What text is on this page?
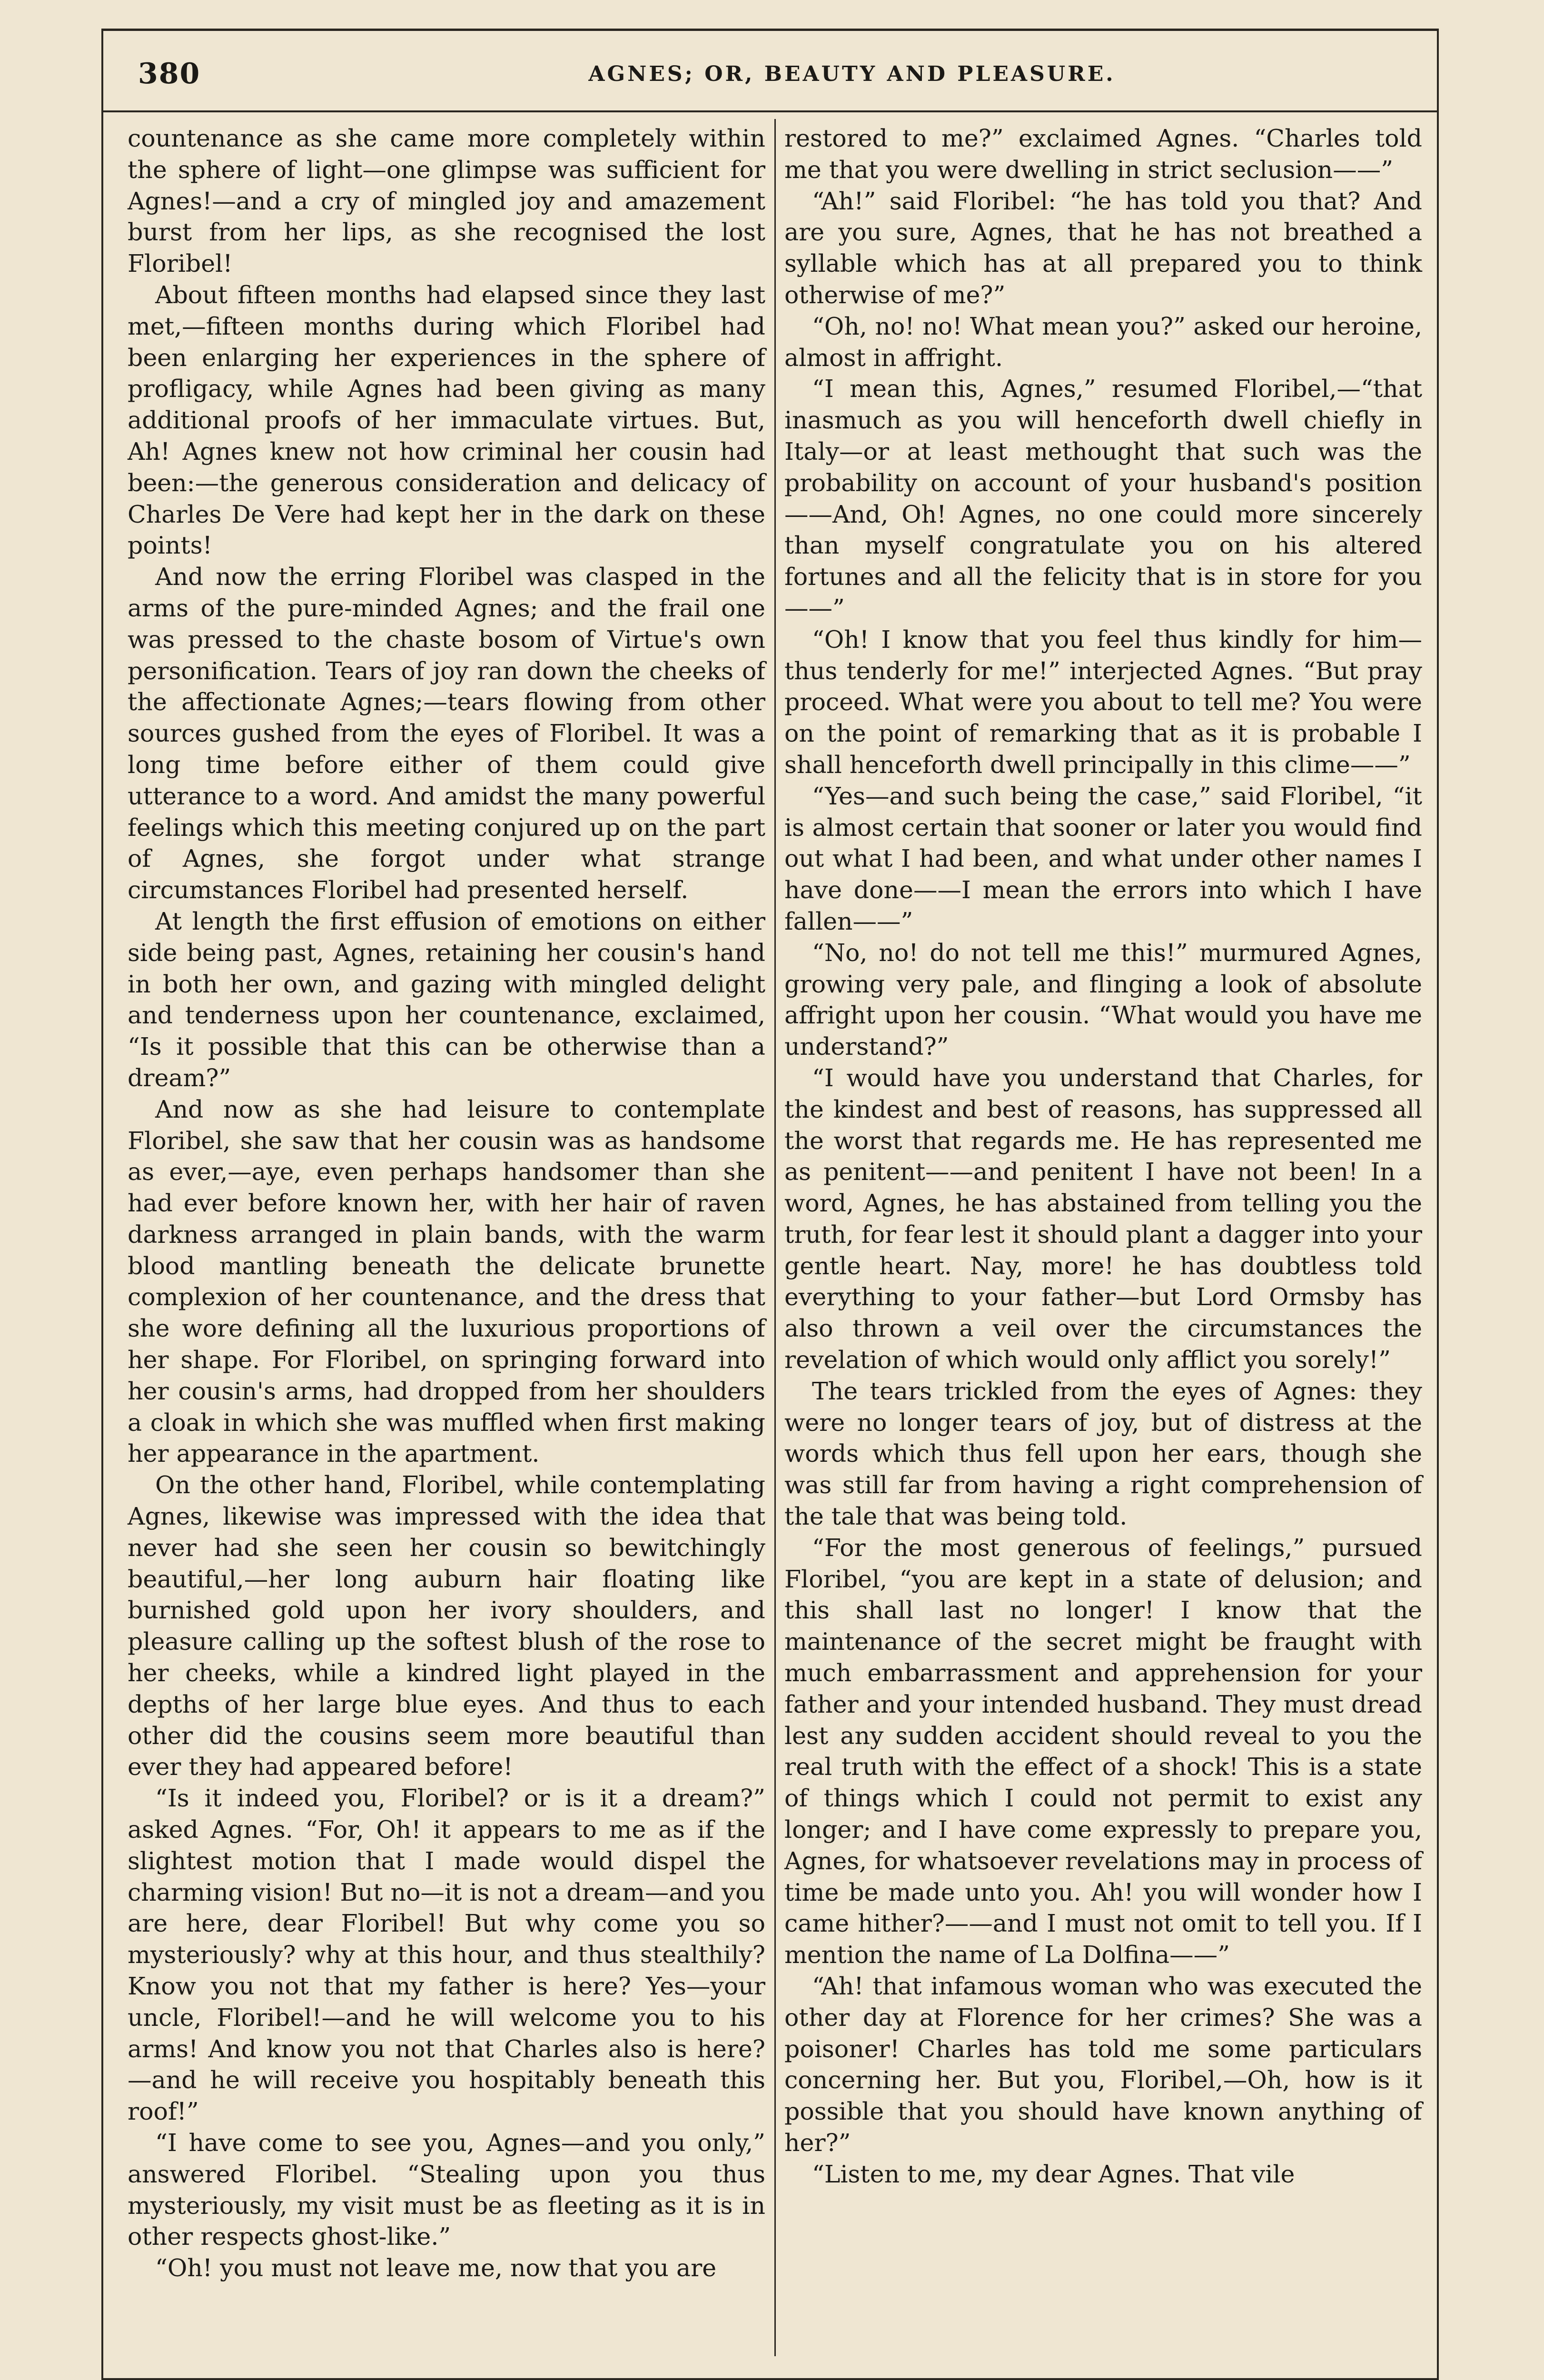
380	AGNES; OR, BEAUTY AND PLEASURE.

countenance as she came more completely within the sphere of light—one glimpse was sufficient for Agnes!—and a cry of mingled joy and amazement burst from her lips, as she recognised the lost Floribel!

About fifteen months had elapsed since they last met,—fifteen months during which Floribel had been enlarging her experiences in the sphere of profligacy, while Agnes had been giving as many additional proofs of her immaculate virtues. But, Ah! Agnes knew not how criminal her cousin had been:—the generous consideration and delicacy of Charles De Vere had kept her in the dark on these points!

And now the erring Floribel was clasped in the arms of the pure-minded Agnes; and the frail one was pressed to the chaste bosom of Virtue's own personification. Tears of joy ran down the cheeks of the affectionate Agnes;—tears flowing from other sources gushed from the eyes of Floribel. It was a long time before either of them could give utterance to a word. And amidst the many powerful feelings which this meeting conjured up on the part of Agnes, she forgot under what strange circumstances Floribel had presented herself.

At length the first effusion of emotions on either side being past, Agnes, retaining her cousin's hand in both her own, and gazing with mingled delight and tenderness upon her countenance, exclaimed, “Is it possible that this can be otherwise than a dream?”

And now as she had leisure to contemplate Floribel, she saw that her cousin was as handsome as ever,—aye, even perhaps handsomer than she had ever before known her, with her hair of raven darkness arranged in plain bands, with the warm blood mantling beneath the delicate brunette complexion of her countenance, and the dress that she wore defining all the luxurious proportions of her shape. For Floribel, on springing forward into her cousin's arms, had dropped from her shoulders a cloak in which she was muffled when first making her appearance in the apartment.

On the other hand, Floribel, while contemplating Agnes, likewise was impressed with the idea that never had she seen her cousin so bewitchingly beautiful,—her long auburn hair floating like burnished gold upon her ivory shoulders, and pleasure calling up the softest blush of the rose to her cheeks, while a kindred light played in the depths of her large blue eyes. And thus to each other did the cousins seem more beautiful than ever they had appeared before!

“Is it indeed you, Floribel? or is it a dream?” asked Agnes. “For, Oh! it appears to me as if the slightest motion that I made would dispel the charming vision! But no—it is not a dream—and you are here, dear Floribel! But why come you so mysteriously? why at this hour, and thus stealthily? Know you not that my father is here? Yes—your uncle, Floribel!—and he will welcome you to his arms! And know you not that Charles also is here?—and he will receive you hospitably beneath this roof!”

“I have come to see you, Agnes—and you only,” answered Floribel. “Stealing upon you thus mysteriously, my visit must be as fleeting as it is in other respects ghost-like.”

“Oh! you must not leave me, now that you are

restored to me?” exclaimed Agnes. “Charles told me that you were dwelling in strict seclusion——”

“Ah!” said Floribel: “he has told you that? And are you sure, Agnes, that he has not breathed a syllable which has at all prepared you to think otherwise of me?”

“Oh, no! no! What mean you?” asked our heroine, almost in affright.

“I mean this, Agnes,” resumed Floribel,—“that inasmuch as you will henceforth dwell chiefly in Italy—or at least methought that such was the probability on account of your husband's position——And, Oh! Agnes, no one could more sincerely than myself congratulate you on his altered fortunes and all the felicity that is in store for you——”

“Oh! I know that you feel thus kindly for him—thus tenderly for me!” interjected Agnes. “But pray proceed. What were you about to tell me? You were on the point of remarking that as it is probable I shall henceforth dwell principally in this clime——”

“Yes—and such being the case,” said Floribel, “it is almost certain that sooner or later you would find out what I had been, and what under other names I have done——I mean the errors into which I have fallen——”

“No, no! do not tell me this!” murmured Agnes, growing very pale, and flinging a look of absolute affright upon her cousin. “What would you have me understand?”

“I would have you understand that Charles, for the kindest and best of reasons, has suppressed all the worst that regards me. He has represented me as penitent——and penitent I have not been! In a word, Agnes, he has abstained from telling you the truth, for fear lest it should plant a dagger into your gentle heart. Nay, more! he has doubtless told everything to your father—but Lord Ormsby has also thrown a veil over the circumstances the revelation of which would only afflict you sorely!”

The tears trickled from the eyes of Agnes: they were no longer tears of joy, but of distress at the words which thus fell upon her ears, though she was still far from having a right comprehension of the tale that was being told.

“For the most generous of feelings,” pursued Floribel, “you are kept in a state of delusion; and this shall last no longer! I know that the maintenance of the secret might be fraught with much embarrassment and apprehension for your father and your intended husband. They must dread lest any sudden accident should reveal to you the real truth with the effect of a shock! This is a state of things which I could not permit to exist any longer; and I have come expressly to prepare you, Agnes, for whatsoever revelations may in process of time be made unto you. Ah! you will wonder how I came hither?——and I must not omit to tell you. If I mention the name of La Dolfina——”

“Ah! that infamous woman who was executed the other day at Florence for her crimes? She was a poisoner! Charles has told me some particulars concerning her. But you, Floribel,—Oh, how is it possible that you should have known anything of her?”

“Listen to me, my dear Agnes. That vile
